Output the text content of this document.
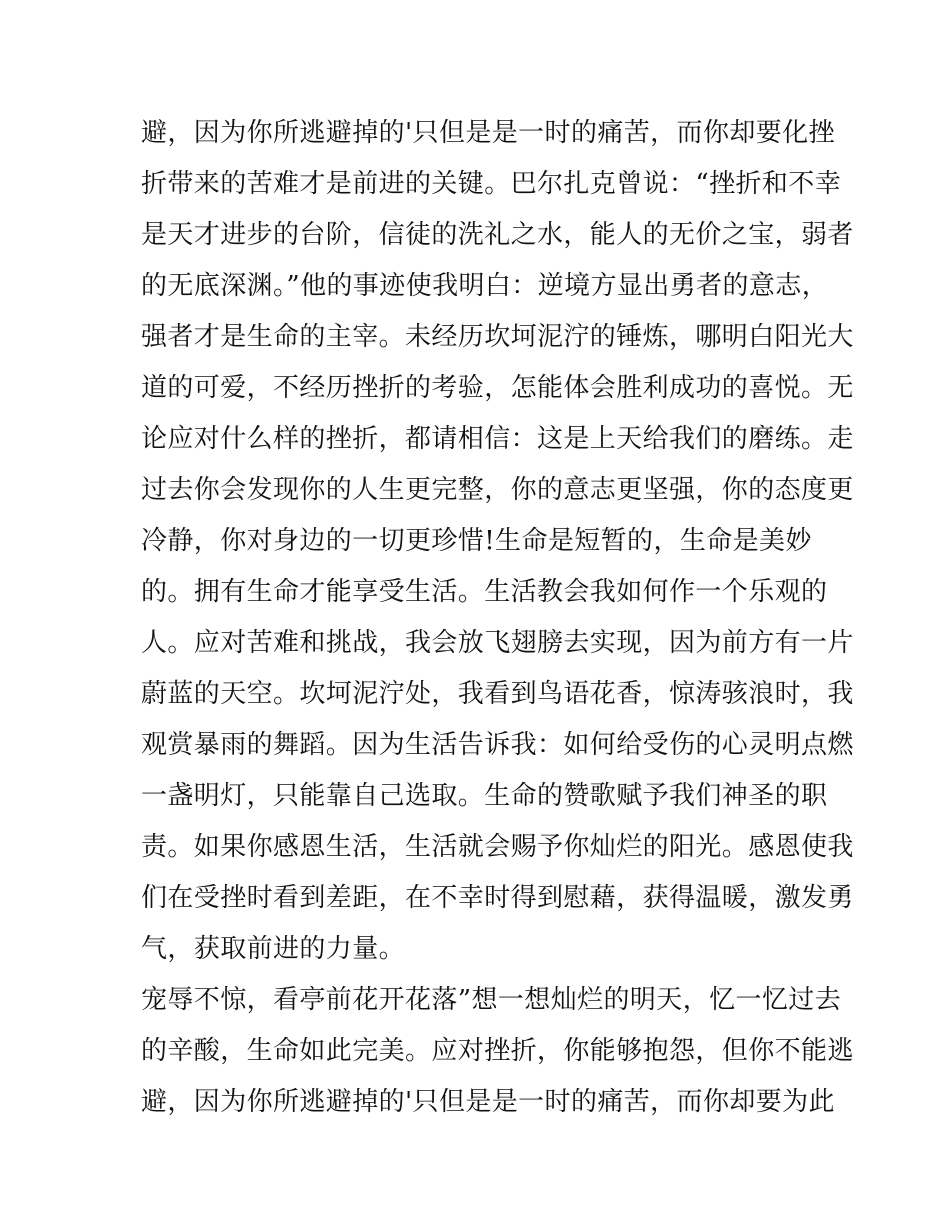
避，因为你所逃避掉的'只但是是一时的痛苦，而你却要化挫
折带来的苦难才是前进的关键。巴尔扎克曾说：“挫折和不幸
是天才进步的台阶，信徒的洗礼之水，能人的无价之宝，弱者
的无底深渊。”他的事迹使我明白：逆境方显出勇者的意志，
强者才是生命的主宰。未经历坎坷泥泞的锤炼，哪明白阳光大
道的可爱，不经历挫折的考验，怎能体会胜利成功的喜悦。无
论应对什么样的挫折，都请相信：这是上天给我们的磨练。走
过去你会发现你的人生更完整，你的意志更坚强，你的态度更
冷静，你对身边的一切更珍惜!生命是短暂的，生命是美妙
的。拥有生命才能享受生活。生活教会我如何作一个乐观的
人。应对苦难和挑战，我会放飞翅膀去实现，因为前方有一片
蔚蓝的天空。坎坷泥泞处，我看到鸟语花香，惊涛骇浪时，我
观赏暴雨的舞蹈。因为生活告诉我：如何给受伤的心灵明点燃
一盏明灯，只能靠自己选取。生命的赞歌赋予我们神圣的职
责。如果你感恩生活，生活就会赐予你灿烂的阳光。感恩使我
们在受挫时看到差距，在不幸时得到慰藉，获得温暖，激发勇
气，获取前进的力量。
宠辱不惊，看亭前花开花落”想一想灿烂的明天，忆一忆过去
的辛酸，生命如此完美。应对挫折，你能够抱怨，但你不能逃
避，因为你所逃避掉的'只但是是一时的痛苦，而你却要为此
